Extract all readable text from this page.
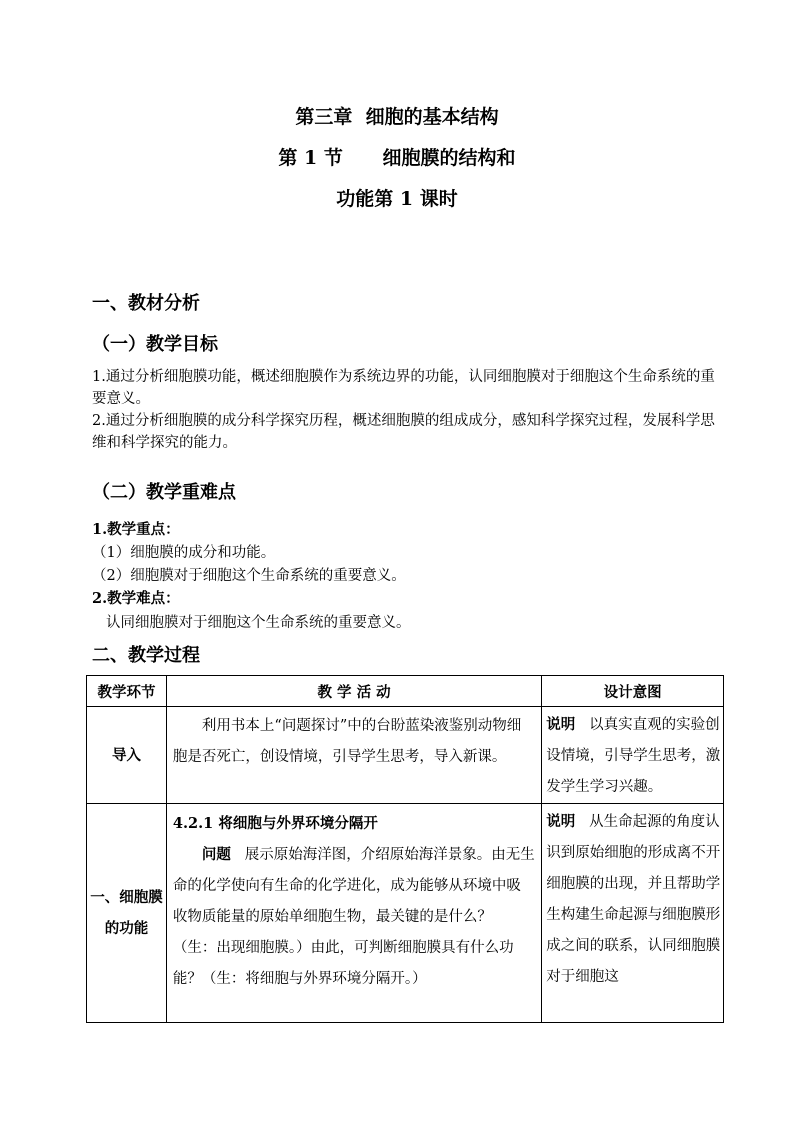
第三章  细胞的基本结构
第 1 节      细胞膜的结构和
功能第 1 课时
一、教材分析
（一）教学目标

1.通过分析细胞膜功能，概述细胞膜作为系统边界的功能，认同细胞膜对于细胞这个生命系统的重要意义。

2.通过分析细胞膜的成分科学探究历程，概述细胞膜的组成成分，感知科学探究过程，发展科学思维和科学探究的能力。

（二）教学重难点

1.教学重点：

（1）细胞膜的成分和功能。

（2）细胞膜对于细胞这个生命系统的重要意义。

2.教学难点：

认同细胞膜对于细胞这个生命系统的重要意义。

二、教学过程
教学环节	教 学 活 动	设计意图
导入	利用书本上“问题探讨”中的台盼蓝染液鉴别动物细胞是否死亡，创设情境，引导学生思考，导入新课。	说明 以真实直观的实验创设情境，引导学生思考，激发学生学习兴趣。
一、细胞膜的功能	4.2.1 将细胞与外界环境分隔开

问题 展示原始海洋图，介绍原始海洋景象。由无生命的化学使向有生命的化学进化，成为能够从环境中吸收物质能量的原始单细胞生物，最关键的是什么？（生：出现细胞膜。）由此，可判断细胞膜具有什么功能？（生：将细胞与外界环境分隔开。）	说明 从生命起源的角度认识到原始细胞的形成离不开细胞膜的出现，并且帮助学生构建生命起源与细胞膜形成之间的联系，认同细胞膜对于细胞这
